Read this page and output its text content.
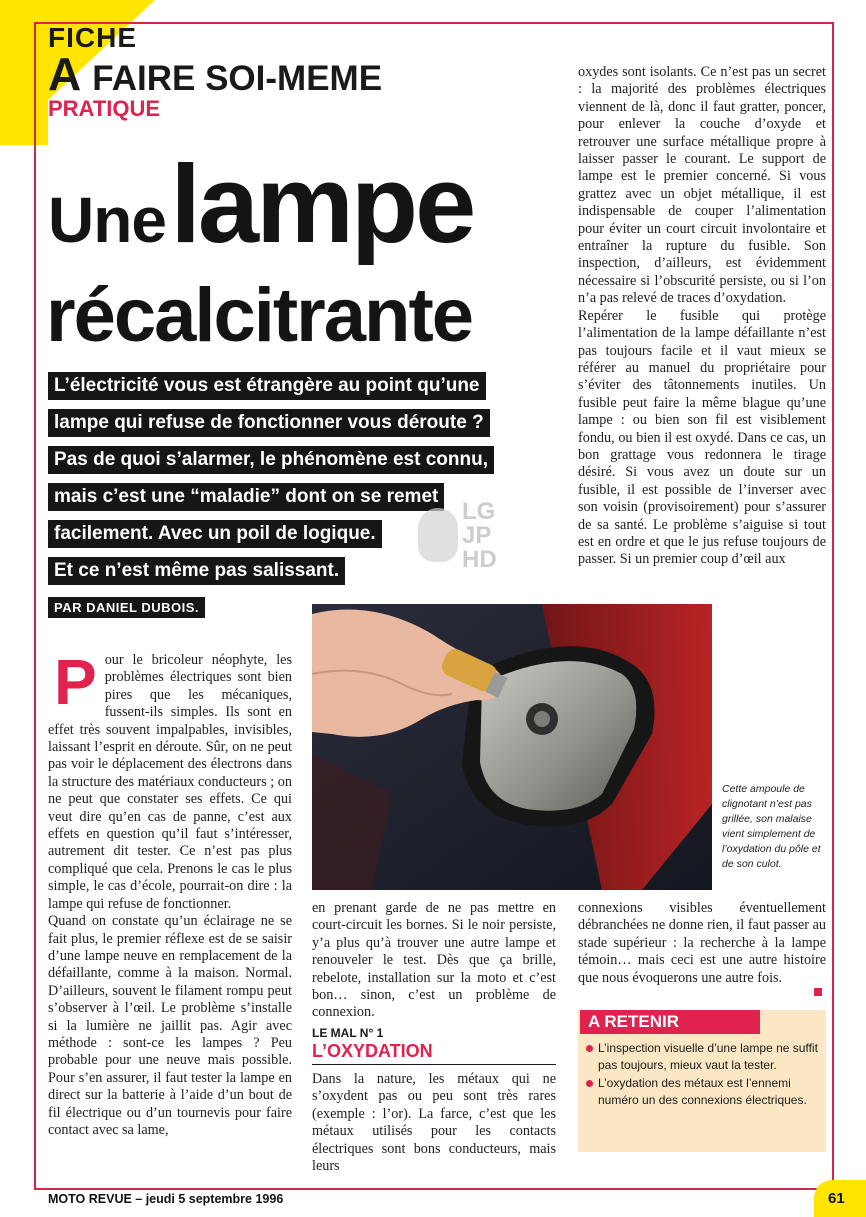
FICHE
A FAIRE SOI-MEME
PRATIQUE
Une lampe
récalcitrante
L’électricité vous est étrangère au point qu’une
lampe qui refuse de fonctionner vous déroute ?
Pas de quoi s’alarmer, le phénomène est connu,
mais c’est une “maladie” dont on se remet
facilement. Avec un poil de logique.
Et ce n’est même pas salissant.
PAR DANIEL DUBOIS.
LG
JP
HD

oxydes sont isolants. Ce n’est pas un secret : la majorité des problèmes électriques viennent de là, donc il faut gratter, poncer, pour enlever la couche d’oxyde et retrouver une surface métallique propre à laisser passer le courant. Le support de lampe est le premier concerné. Si vous grattez avec un objet métallique, il est indispensable de couper l’alimentation pour éviter un court circuit involontaire et entraîner la rupture du fusible. Son inspection, d’ailleurs, est évidemment nécessaire si l’obscurité persiste, ou si l’on n’a pas relevé de traces d’oxydation.

Repérer le fusible qui protège l’alimentation de la lampe défaillante n’est pas toujours facile et il vaut mieux se référer au manuel du propriétaire pour s’éviter des tâtonnements inutiles. Un fusible peut faire la même blague qu’une lampe : ou bien son fil est visiblement fondu, ou bien il est oxydé. Dans ce cas, un bon grattage vous redonnera le tirage désiré. Si vous avez un doute sur un fusible, il est possible de l’inverser avec son voisin (provisoirement) pour s’assurer de sa santé. Le problème s’aiguise si tout est en ordre et que le jus refuse toujours de passer. Si un premier coup d’œil aux

Pour le bricoleur néophyte, les problèmes électriques sont bien pires que les mécaniques, fussent-ils simples. Ils sont en effet très souvent impalpables, invisibles, laissant l’esprit en déroute. Sûr, on ne peut pas voir le déplacement des électrons dans la structure des matériaux conducteurs ; on ne peut que constater ses effets. Ce qui veut dire qu’en cas de panne, c’est aux effets en question qu’il faut s’intéresser, autrement dit tester. Ce n’est pas plus compliqué que cela. Prenons le cas le plus simple, le cas d’école, pourrait-on dire : la lampe qui refuse de fonctionner.

Quand on constate qu’un éclairage ne se fait plus, le premier réflexe est de se saisir d’une lampe neuve en remplacement de la défaillante, comme à la maison. Normal. D’ailleurs, souvent le filament rompu peut s’observer à l’œil. Le problème s’installe si la lumière ne jaillit pas. Agir avec méthode : sont-ce les lampes ? Peu probable pour une neuve mais possible. Pour s’en assurer, il faut tester la lampe en direct sur la batterie à l’aide d’un bout de fil électrique ou d’un tournevis pour faire contact avec sa lame,

Cette ampoule de clignotant n’est pas grillée, son malaise vient simplement de l’oxydation du pôle et de son culot.

en prenant garde de ne pas mettre en court-circuit les bornes. Si le noir persiste, y’a plus qu’à trouver une autre lampe et renouveler le test. Dès que ça brille, rebelote, installation sur la moto et c’est bon… sinon, c’est un problème de connexion.

LE MAL N° 1
L’OXYDATION

Dans la nature, les métaux qui ne s’oxydent pas ou peu sont très rares (exemple : l’or). La farce, c’est que les métaux utilisés pour les contacts électriques sont bons conducteurs, mais leurs

connexions visibles éventuellement débranchées ne donne rien, il faut passer au stade supérieur : la recherche à la lampe témoin… mais ceci est une autre histoire que nous évoquerons une autre fois.

A RETENIR
L’inspection visuelle d’une lampe ne suffit pas toujours, mieux vaut la tester.
L’oxydation des métaux est l’ennemi numéro un des connexions électriques.
MOTO REVUE – jeudi 5 septembre 1996	61
